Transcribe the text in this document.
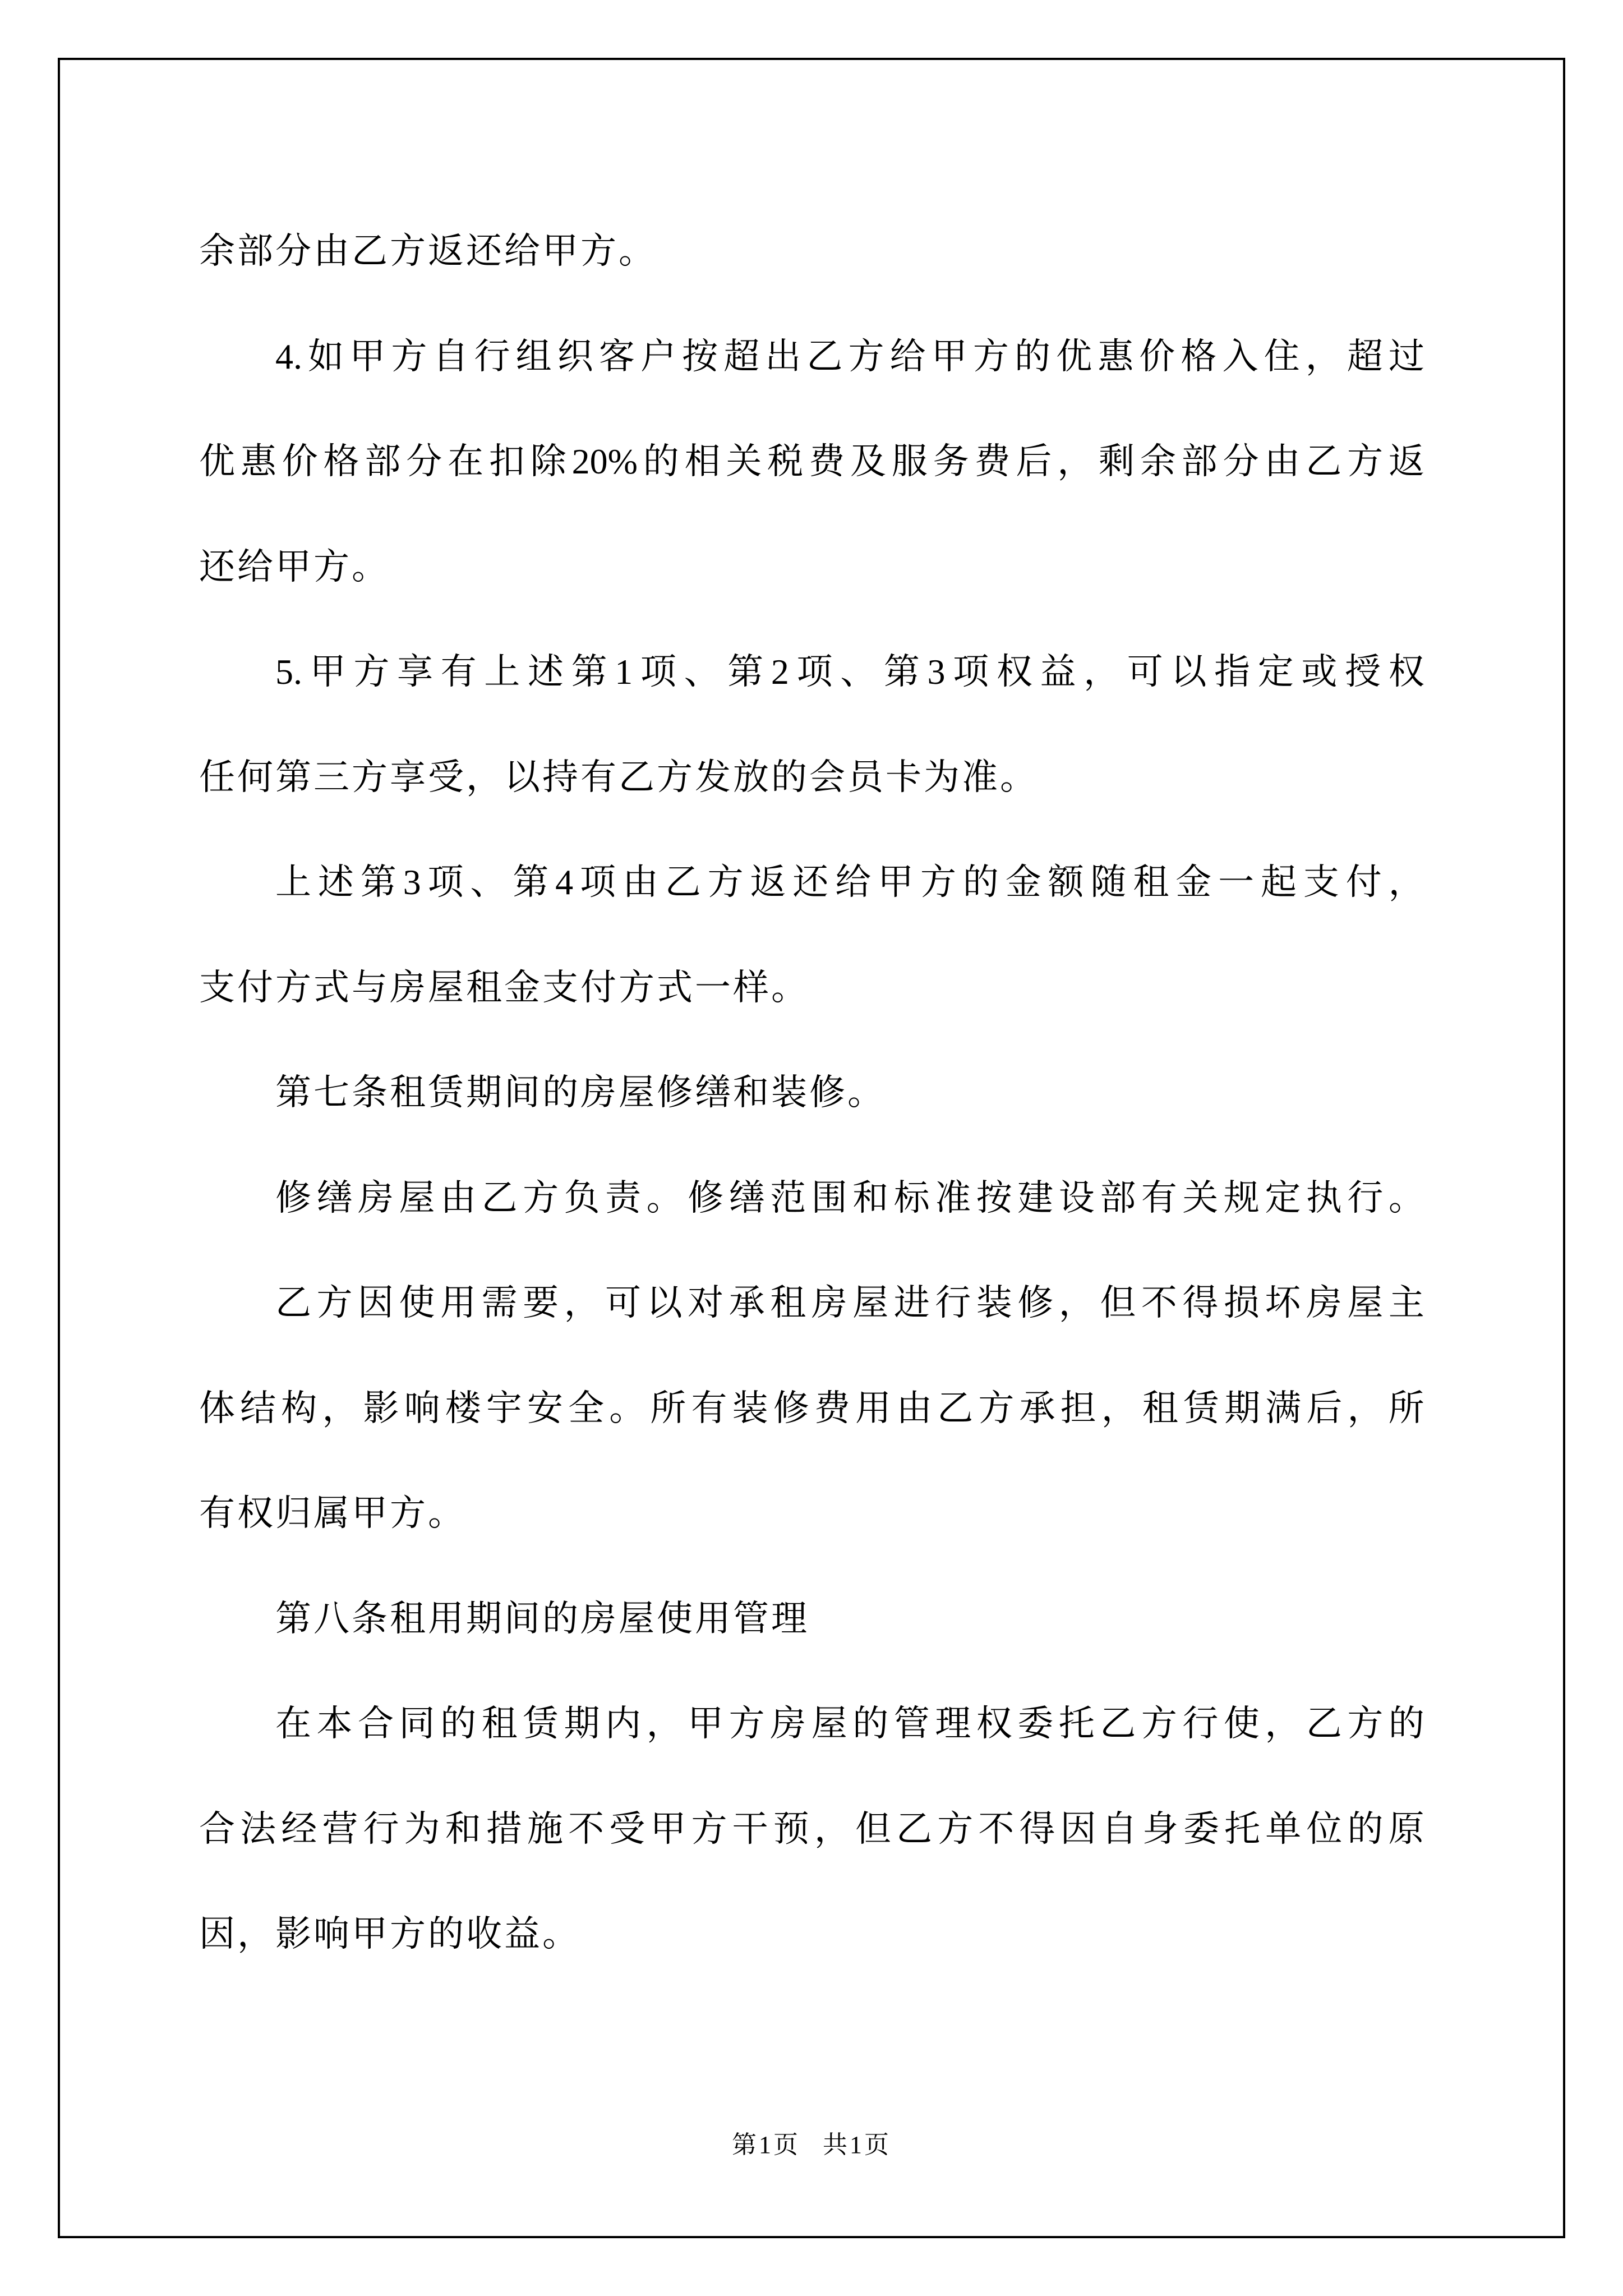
余部分由乙方返还给甲方。
4. 如 甲 方 自 行 组 织 客 户 按 超 出 乙 方 给 甲 方 的 优 惠 价 格 入 住 ， 超 过
优 惠 价 格 部 分 在 扣 除 20% 的 相 关 税 费 及 服 务 费 后 ， 剩 余 部 分 由 乙 方 返
还给甲方。
5. 甲 方 享 有 上 述 第 1 项 、 第 2 项 、 第 3 项 权 益 ， 可 以 指 定 或 授 权
任何第三方享受，以持有乙方发放的会员卡为准。
上 述 第 3 项 、 第 4 项 由 乙 方 返 还 给 甲 方 的 金 额 随 租 金 一 起 支 付 ，
支付方式与房屋租金支付方式一样。
第七条租赁期间的房屋修缮和装修。
修 缮 房 屋 由 乙 方 负 责 。 修 缮 范 围 和 标 准 按 建 设 部 有 关 规 定 执 行 。
乙 方 因 使 用 需 要 ， 可 以 对 承 租 房 屋 进 行 装 修 ， 但 不 得 损 坏 房 屋 主
体 结 构 ， 影 响 楼 宇 安 全 。 所 有 装 修 费 用 由 乙 方 承 担 ， 租 赁 期 满 后 ， 所
有权归属甲方。
第八条租用期间的房屋使用管理
在 本 合 同 的 租 赁 期 内 ， 甲 方 房 屋 的 管 理 权 委 托 乙 方 行 使 ， 乙 方 的
合 法 经 营 行 为 和 措 施 不 受 甲 方 干 预 ， 但 乙 方 不 得 因 自 身 委 托 单 位 的 原
因，影响甲方的收益。
第1页 共1页
